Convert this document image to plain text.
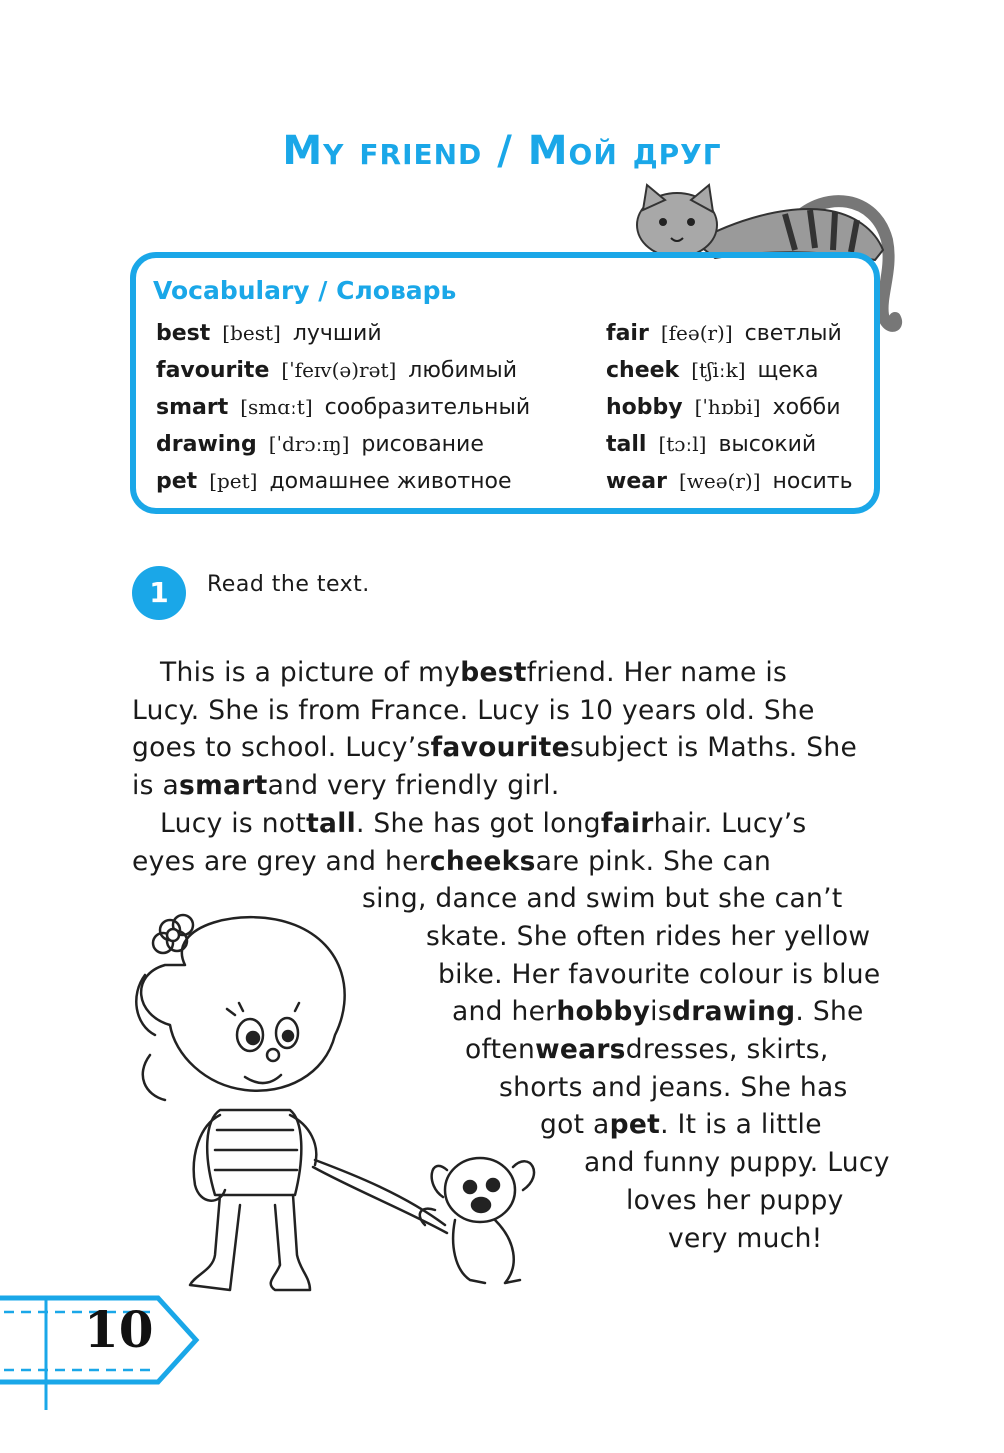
My friend / Мой друг
Vocabulary / Словарь
best [best] лучший
favourite [ˈfeɪv(ə)rət] любимый
smart [smɑːt] сообразительный
drawing [ˈdrɔːɪŋ] рисование
pet [pet] домашнее животное
fair [feə(r)] светлый
cheek [tʃiːk] щека
hobby [ˈhɒbi] хобби
tall [tɔːl] высокий
wear [weə(r)] носить
1	Read the text.
This is a picture of mybestfriend. Her name is
Lucy. She is from France. Lucy is 10 years old. She
goes to school. Lucy’sfavouritesubject is Maths. She
is asmartand very friendly girl.
Lucy is nottall. She has got longfairhair. Lucy’s
eyes are grey and hercheeksare pink. She can
sing, dance and swim but she can’t
skate. She often rides her yellow
bike. Her favourite colour is blue
and herhobbyisdrawing. She
oftenwearsdresses, skirts,
shorts and jeans. She has
got apet. It is a little
and funny puppy. Lucy
loves her puppy
very much!
10
